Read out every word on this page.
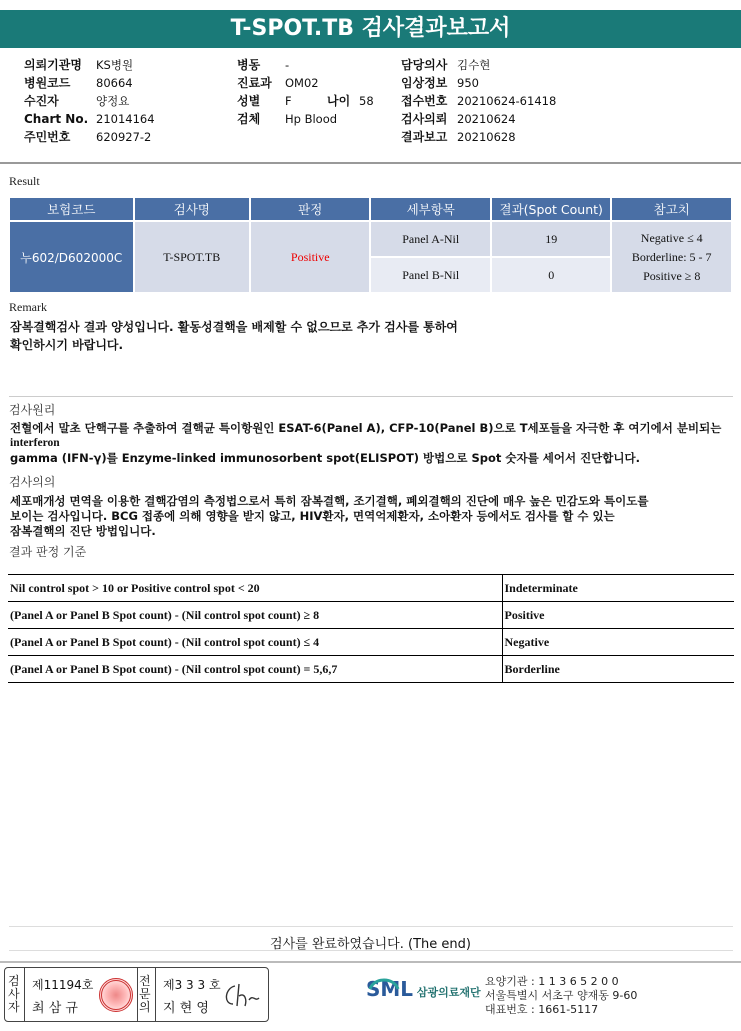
T-SPOT.TB 검사결과보고서
의뢰기관명 KS병원
병원코드 80664
수진자	양정요
Chart No. 21014164
주민번호 620927-2
병동 -
진료과 OM02
성별 F	나이 58
검체 Hp Blood
담당의사 김수현
임상정보 950
접수번호 20210624-61418
검사의뢰 20210624
결과보고 20210628
Result
보험코드	검사명	판정	세부항목	결과(Spot Count)	참고치
누602/D602000C	T-SPOT.TB	Positive	Panel A-Nil	19	Negative ≤ 4
Borderline: 5 - 7
Positive ≥ 8

			Panel B-Nil	0	
Remark
잠복결핵검사 결과 양성입니다. 활동성결핵을 배제할 수 없으므로 추가 검사를 통하여
확인하시기 바랍니다.
검사원리
전혈에서 말초 단핵구를 추출하여 결핵균 특이항원인 ESAT-6(Panel A), CFP-10(Panel B)으로 T세포들을 자극한 후 여기에서 분비되는
interferon
gamma (IFN-γ)를 Enzyme-linked immunosorbent spot(ELISPOT) 방법으로 Spot 숫자를 세어서 진단합니다.
검사의의
세포매개성 면역을 이용한 결핵감염의 측정법으로서 특히 잠복결핵, 조기결핵, 폐외결핵의 진단에 매우 높은 민감도와 특이도를
보이는 검사입니다. BCG 접종에 의해 영향을 받지 않고, HIV환자, 면역억제환자, 소아환자 등에서도 검사를 할 수 있는
잠복결핵의 진단 방법입니다.
결과 판정 기준
Nil control spot > 10 or Positive control spot < 20	Indeterminate
(Panel A or Panel B Spot count) - (Nil control spot count) ≥ 8	Positive
(Panel A or Panel B Spot count) - (Nil control spot count) ≤ 4	Negative
(Panel A or Panel B Spot count) - (Nil control spot count) = 5,6,7	Borderline
검사를 완료하였습니다. (The end)
검
사
자
제11194호
최 삼 규
전
문
의
제3 3 3 호
지 현 영
SML 삼광의료재단
요양기관 : 1 1 3 6 5 2 0 0
서울특별시 서초구 양재동 9-60
대표번호 : 1661-5117
